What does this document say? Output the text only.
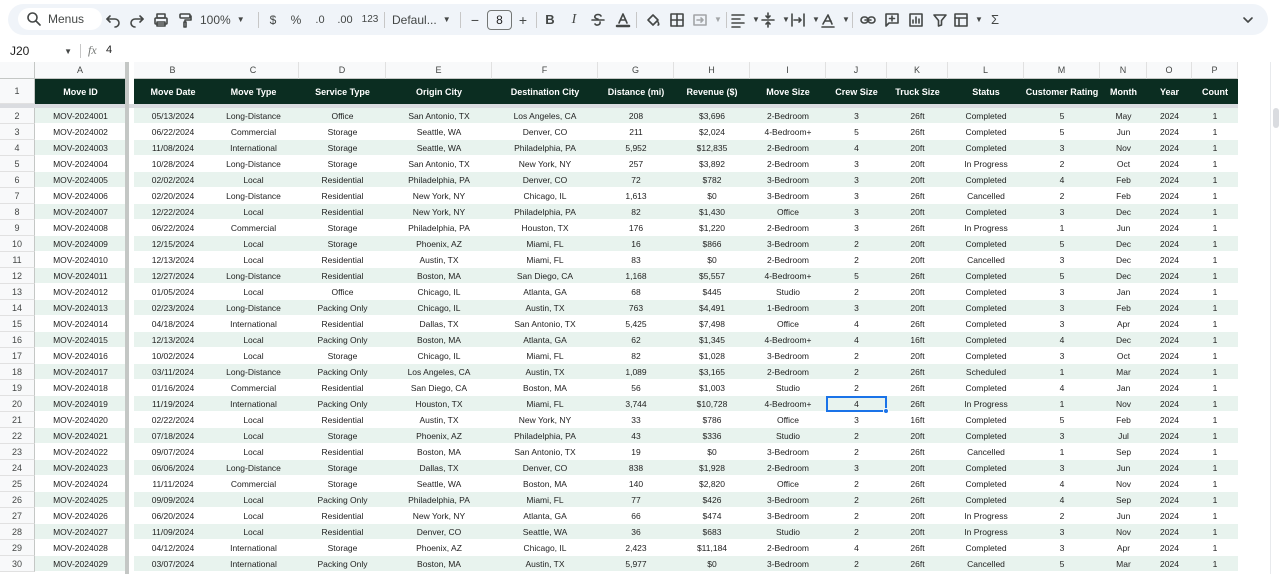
Menus	100% ▼ $ % .0 .00 123 Defaul... ▼ − 8 + B I	▼	▼	▼	▼	▼	▼ Σ
J20	▼ fx 4
A	B	C	D	E	F	G	H	I	J	K	L	M	N	O	P
1	Move ID	Move Date	Move Type	Service Type	Origin City	Destination City	Distance (mi)	Revenue ($)	Move Size	Crew Size	Truck Size	Status	Customer Rating	Month	Year	Count
2	MOV-2024001	05/13/2024	Long-Distance	Office	San Antonio, TX	Los Angeles, CA	208	$3,696	2-Bedroom	3	26ft	Completed	5	May	2024	1
3	MOV-2024002	06/22/2024	Commercial	Storage	Seattle, WA	Denver, CO	211	$2,024	4-Bedroom+	5	26ft	Completed	5	Jun	2024	1
4	MOV-2024003	11/08/2024	International	Storage	Seattle, WA	Philadelphia, PA	5,952	$12,835	2-Bedroom	4	20ft	Completed	3	Nov	2024	1
5	MOV-2024004	10/28/2024	Long-Distance	Storage	San Antonio, TX	New York, NY	257	$3,892	2-Bedroom	3	20ft	In Progress	2	Oct	2024	1
6	MOV-2024005	02/02/2024	Local	Residential	Philadelphia, PA	Denver, CO	72	$782	3-Bedroom	3	20ft	Completed	4	Feb	2024	1
7	MOV-2024006	02/20/2024	Long-Distance	Residential	New York, NY	Chicago, IL	1,613	$0	3-Bedroom	3	26ft	Cancelled	2	Feb	2024	1
8	MOV-2024007	12/22/2024	Local	Residential	New York, NY	Philadelphia, PA	82	$1,430	Office	3	20ft	Completed	3	Dec	2024	1
9	MOV-2024008	06/22/2024	Commercial	Storage	Philadelphia, PA	Houston, TX	176	$1,220	2-Bedroom	3	26ft	In Progress	1	Jun	2024	1
10	MOV-2024009	12/15/2024	Local	Storage	Phoenix, AZ	Miami, FL	16	$866	3-Bedroom	2	20ft	Completed	5	Dec	2024	1
11	MOV-2024010	12/13/2024	Local	Residential	Austin, TX	Miami, FL	83	$0	2-Bedroom	2	20ft	Cancelled	3	Dec	2024	1
12	MOV-2024011	12/27/2024	Long-Distance	Residential	Boston, MA	San Diego, CA	1,168	$5,557	4-Bedroom+	5	26ft	Completed	5	Dec	2024	1
13	MOV-2024012	01/05/2024	Local	Office	Chicago, IL	Atlanta, GA	68	$445	Studio	2	20ft	Completed	3	Jan	2024	1
14	MOV-2024013	02/23/2024	Long-Distance	Packing Only	Chicago, IL	Austin, TX	763	$4,491	1-Bedroom	3	20ft	Completed	3	Feb	2024	1
15	MOV-2024014	04/18/2024	International	Residential	Dallas, TX	San Antonio, TX	5,425	$7,498	Office	4	26ft	Completed	3	Apr	2024	1
16	MOV-2024015	12/13/2024	Local	Packing Only	Boston, MA	Atlanta, GA	62	$1,345	4-Bedroom+	4	16ft	Completed	4	Dec	2024	1
17	MOV-2024016	10/02/2024	Local	Storage	Chicago, IL	Miami, FL	82	$1,028	3-Bedroom	2	20ft	Completed	3	Oct	2024	1
18	MOV-2024017	03/11/2024	Long-Distance	Packing Only	Los Angeles, CA	Austin, TX	1,089	$3,165	2-Bedroom	2	26ft	Scheduled	1	Mar	2024	1
19	MOV-2024018	01/16/2024	Commercial	Residential	San Diego, CA	Boston, MA	56	$1,003	Studio	2	26ft	Completed	4	Jan	2024	1
20	MOV-2024019	11/19/2024	International	Packing Only	Houston, TX	Miami, FL	3,744	$10,728	4-Bedroom+	4	26ft	In Progress	1	Nov	2024	1
21	MOV-2024020	02/22/2024	Local	Residential	Austin, TX	New York, NY	33	$786	Office	3	16ft	Completed	5	Feb	2024	1
22	MOV-2024021	07/18/2024	Local	Storage	Phoenix, AZ	Philadelphia, PA	43	$336	Studio	2	20ft	Completed	3	Jul	2024	1
23	MOV-2024022	09/07/2024	Local	Residential	Boston, MA	San Antonio, TX	19	$0	3-Bedroom	2	26ft	Cancelled	1	Sep	2024	1
24	MOV-2024023	06/06/2024	Long-Distance	Storage	Dallas, TX	Denver, CO	838	$1,928	2-Bedroom	3	20ft	Completed	3	Jun	2024	1
25	MOV-2024024	11/11/2024	Commercial	Storage	Seattle, WA	Boston, MA	140	$2,820	Office	2	26ft	Completed	4	Nov	2024	1
26	MOV-2024025	09/09/2024	Local	Packing Only	Philadelphia, PA	Miami, FL	77	$426	3-Bedroom	2	26ft	Completed	4	Sep	2024	1
27	MOV-2024026	06/20/2024	Local	Residential	New York, NY	Atlanta, GA	66	$474	3-Bedroom	2	20ft	In Progress	2	Jun	2024	1
28	MOV-2024027	11/09/2024	Local	Residential	Denver, CO	Seattle, WA	36	$683	Studio	2	20ft	In Progress	3	Nov	2024	1
29	MOV-2024028	04/12/2024	International	Storage	Phoenix, AZ	Chicago, IL	2,423	$11,184	2-Bedroom	4	26ft	Completed	3	Apr	2024	1
30	MOV-2024029	03/07/2024	International	Packing Only	Boston, MA	Austin, TX	5,977	$0	3-Bedroom	2	26ft	Cancelled	5	Mar	2024	1
